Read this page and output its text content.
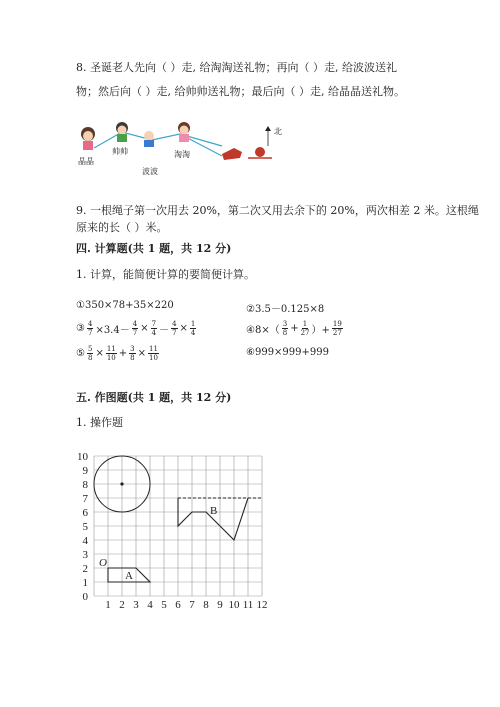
8. 圣诞老人先向（ ）走, 给淘淘送礼物；再向（ ）走, 给波波送礼
物；然后向（ ）走, 给帅帅送礼物；最后向（ ）走, 给晶晶送礼物。
晶晶
帅帅
波波
淘淘
北
9. 一根绳子第一次用去 20%，第二次又用去余下的 20%，两次相差 2 米。这根绳
原来的长（ ）米。
四. 计算题(共 1 题，共 12 分)
1. 计算，能简便计算的要简便计算。
①350×78+35×220	②3.5－0.125×8
③ $\frac{4}{7} \times 3.4- \frac{4}{7} \times \frac{7}{4} - \frac{4}{7} \times \frac{1}{4}$	④8×（ $\frac{3}{8} + \frac{1}{27}$ ）+ $\frac{19}{27}$
⑤ $\frac{5}{8} \times \frac{11}{10} + \frac{3}{8} \times \frac{11}{10}$	⑥999×999+999
五. 作图题(共 1 题，共 12 分)
1. 操作题
1 2 3 4 5 6 7 8 9 10 11 12
0
1
2
3
4
5
6
7
8
9
10
O
A
B
